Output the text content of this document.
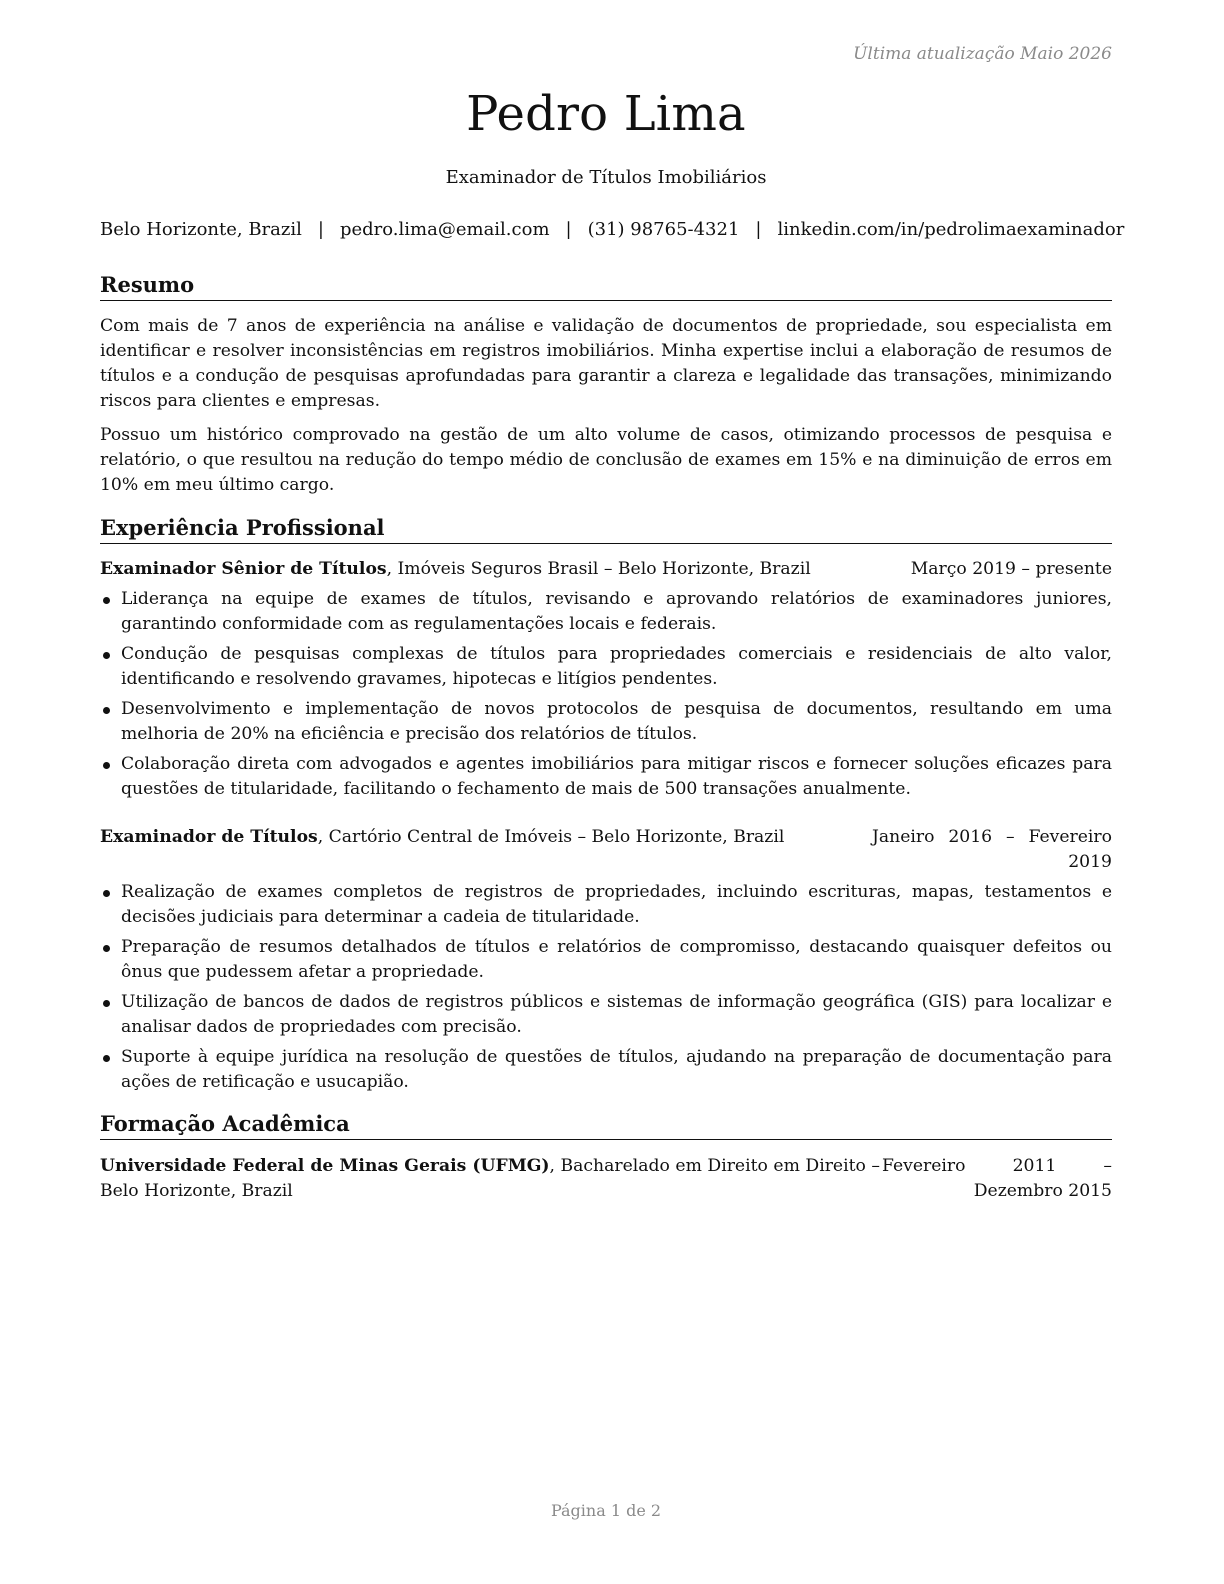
Última atualização Maio 2026
Pedro Lima
Examinador de Títulos Imobiliários
Belo Horizonte, Brazil | pedro.lima@email.com | (31) 98765-4321 | linkedin.com/in/pedrolimaexaminador
Resumo

Com mais de 7 anos de experiência na análise e validação de documentos de propriedade, sou especialista em identificar e resolver inconsistências em registros imobiliários. Minha expertise inclui a elaboração de resumos de títulos e a condução de pesquisas aprofundadas para garantir a clareza e legalidade das transações, minimizando riscos para clientes e empresas.

Possuo um histórico comprovado na gestão de um alto volume de casos, otimizando processos de pesquisa e relatório, o que resultou na redução do tempo médio de conclusão de exames em 15% e na diminuição de erros em 10% em meu último cargo.

Experiência Profissional
Examinador Sênior de Títulos, Imóveis Seguros Brasil – Belo Horizonte, Brazil	Março 2019 – presente
Liderança na equipe de exames de títulos, revisando e aprovando relatórios de examinadores juniores, garantindo conformidade com as regulamentações locais e federais.
Condução de pesquisas complexas de títulos para propriedades comerciais e residenciais de alto valor, identificando e resolvendo gravames, hipotecas e litígios pendentes.
Desenvolvimento e implementação de novos protocolos de pesquisa de documentos, resultando em uma melhoria de 20% na eficiência e precisão dos relatórios de títulos.
Colaboração direta com advogados e agentes imobiliários para mitigar riscos e fornecer soluções eficazes para questões de titularidade, facilitando o fechamento de mais de 500 transações anualmente.
Examinador de Títulos, Cartório Central de Imóveis – Belo Horizonte, Brazil	Janeiro 2016 – Fevereiro 2019
Realização de exames completos de registros de propriedades, incluindo escrituras, mapas, testamentos e decisões judiciais para determinar a cadeia de titularidade.
Preparação de resumos detalhados de títulos e relatórios de compromisso, destacando quaisquer defeitos ou ônus que pudessem afetar a propriedade.
Utilização de bancos de dados de registros públicos e sistemas de informação geográfica (GIS) para localizar e analisar dados de propriedades com precisão.
Suporte à equipe jurídica na resolução de questões de títulos, ajudando na preparação de documentação para ações de retificação e usucapião.
Formação Acadêmica
Universidade Federal de Minas Gerais (UFMG), Bacharelado em Direito em Direito – Belo Horizonte, Brazil
Fevereiro 2011 – Dezembro 2015
Página 1 de 2
